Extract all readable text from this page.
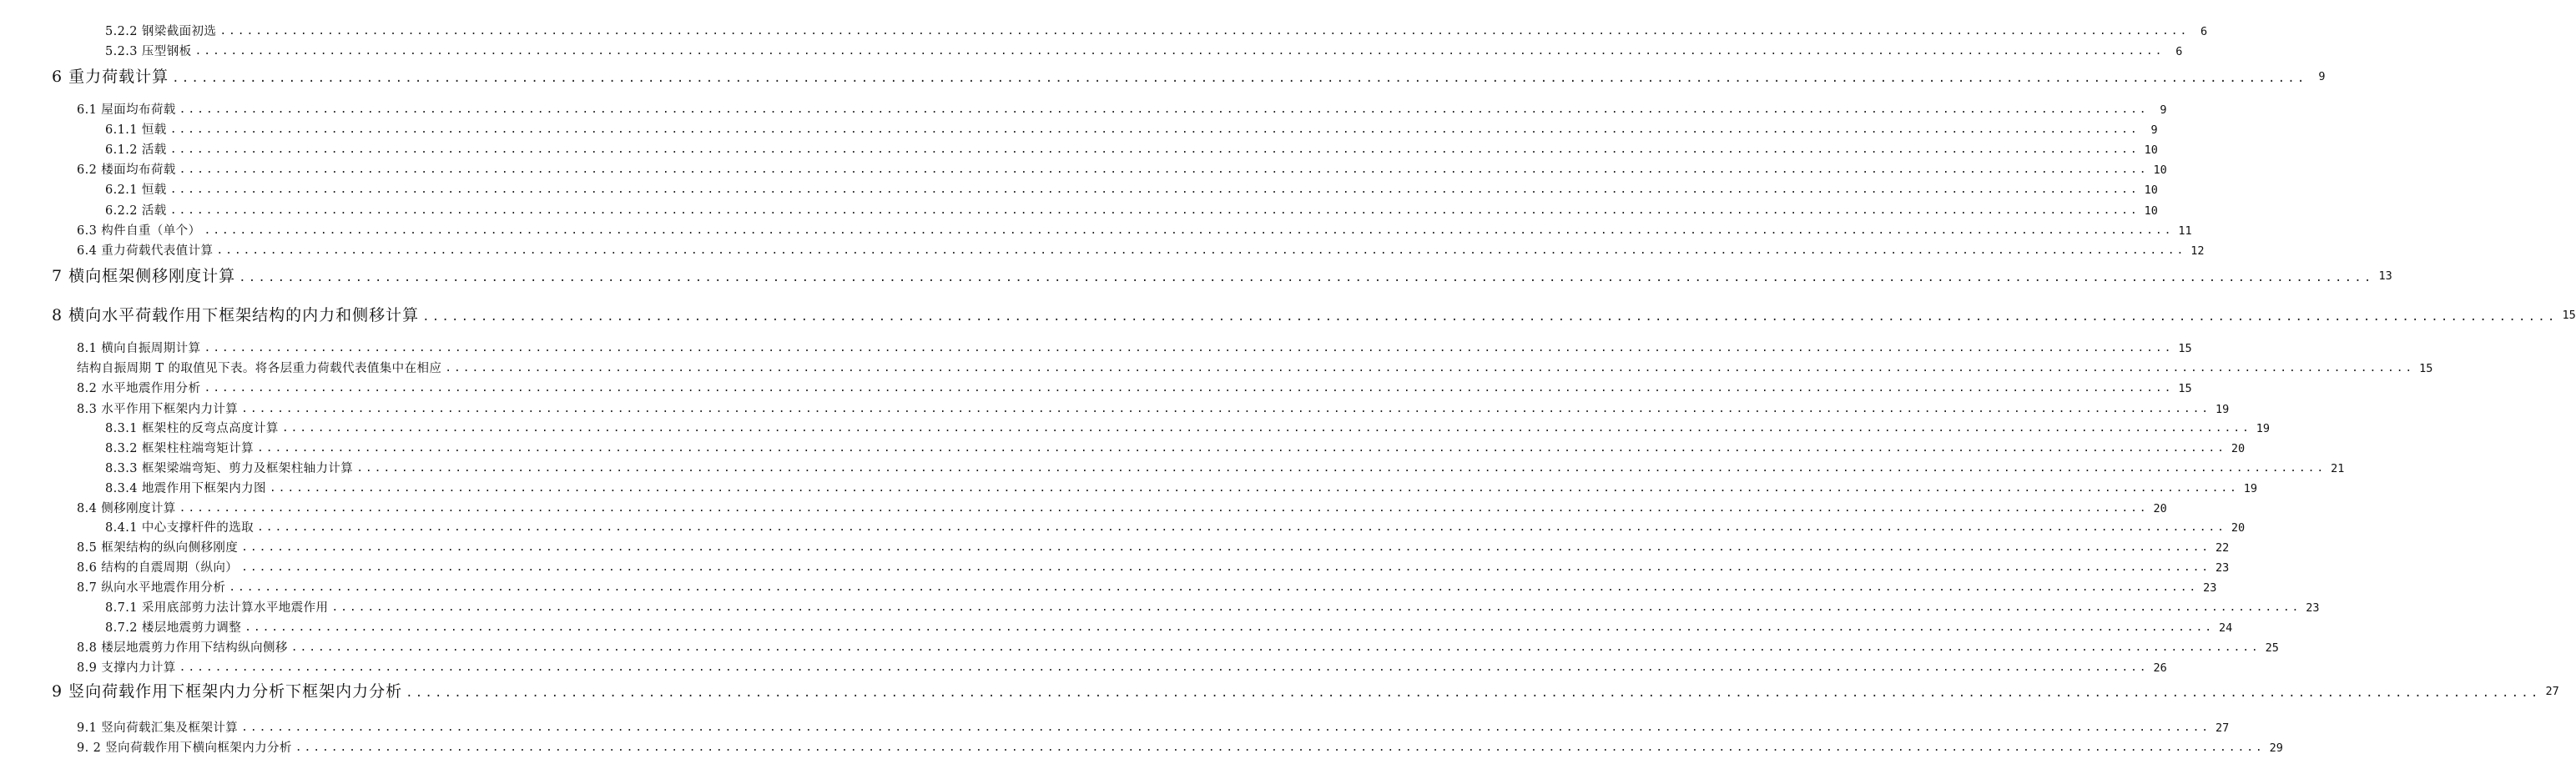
5.2.2 钢梁截面初选 ............................................................................................................................................................................................................................	6
5.2.3 压型钢板 ............................................................................................................................................................................................................................	6
6 重力荷载计算 ............................................................................................................................................................................................................................	9
6.1 屋面均布荷载 ............................................................................................................................................................................................................................	9
6.1.1 恒载 ............................................................................................................................................................................................................................	9
6.1.2 活载 ............................................................................................................................................................................................................................ 10
6.2 楼面均布荷载 ............................................................................................................................................................................................................................ 10
6.2.1 恒载 ............................................................................................................................................................................................................................ 10
6.2.2 活载 ............................................................................................................................................................................................................................ 10
6.3 构件自重（单个） ............................................................................................................................................................................................................................ 11
6.4 重力荷载代表值计算 ............................................................................................................................................................................................................................ 12
7 横向框架侧移刚度计算 ............................................................................................................................................................................................................................ 13
8 横向水平荷载作用下框架结构的内力和侧移计算 ............................................................................................................................................................................................................................ 15
8.1 横向自振周期计算 ............................................................................................................................................................................................................................ 15
结构自振周期 T 的取值见下表。将各层重力荷载代表值集中在相应 ............................................................................................................................................................................................................................ 15
8.2 水平地震作用分析 ............................................................................................................................................................................................................................ 15
8.3 水平作用下框架内力计算 ............................................................................................................................................................................................................................ 19
8.3.1 框架柱的反弯点高度计算 ............................................................................................................................................................................................................................ 19
8.3.2 框架柱柱端弯矩计算 ............................................................................................................................................................................................................................ 20
8.3.3 框架梁端弯矩、剪力及框架柱轴力计算 ............................................................................................................................................................................................................................ 21
8.3.4 地震作用下框架内力图 ............................................................................................................................................................................................................................ 19
8.4 侧移刚度计算 ............................................................................................................................................................................................................................ 20
8.4.1 中心支撑杆件的选取 ............................................................................................................................................................................................................................ 20
8.5 框架结构的纵向侧移刚度 ............................................................................................................................................................................................................................ 22
8.6 结构的自震周期（纵向） ............................................................................................................................................................................................................................ 23
8.7 纵向水平地震作用分析 ............................................................................................................................................................................................................................ 23
8.7.1 采用底部剪力法计算水平地震作用 ............................................................................................................................................................................................................................ 23
8.7.2 楼层地震剪力调整 ............................................................................................................................................................................................................................ 24
8.8 楼层地震剪力作用下结构纵向侧移 ............................................................................................................................................................................................................................ 25
8.9 支撑内力计算 ............................................................................................................................................................................................................................ 26
9 竖向荷载作用下框架内力分析下框架内力分析 ............................................................................................................................................................................................................................ 27
9.1 竖向荷载汇集及框架计算 ............................................................................................................................................................................................................................ 27
9. 2 竖向荷载作用下横向框架内力分析 ............................................................................................................................................................................................................................ 29
